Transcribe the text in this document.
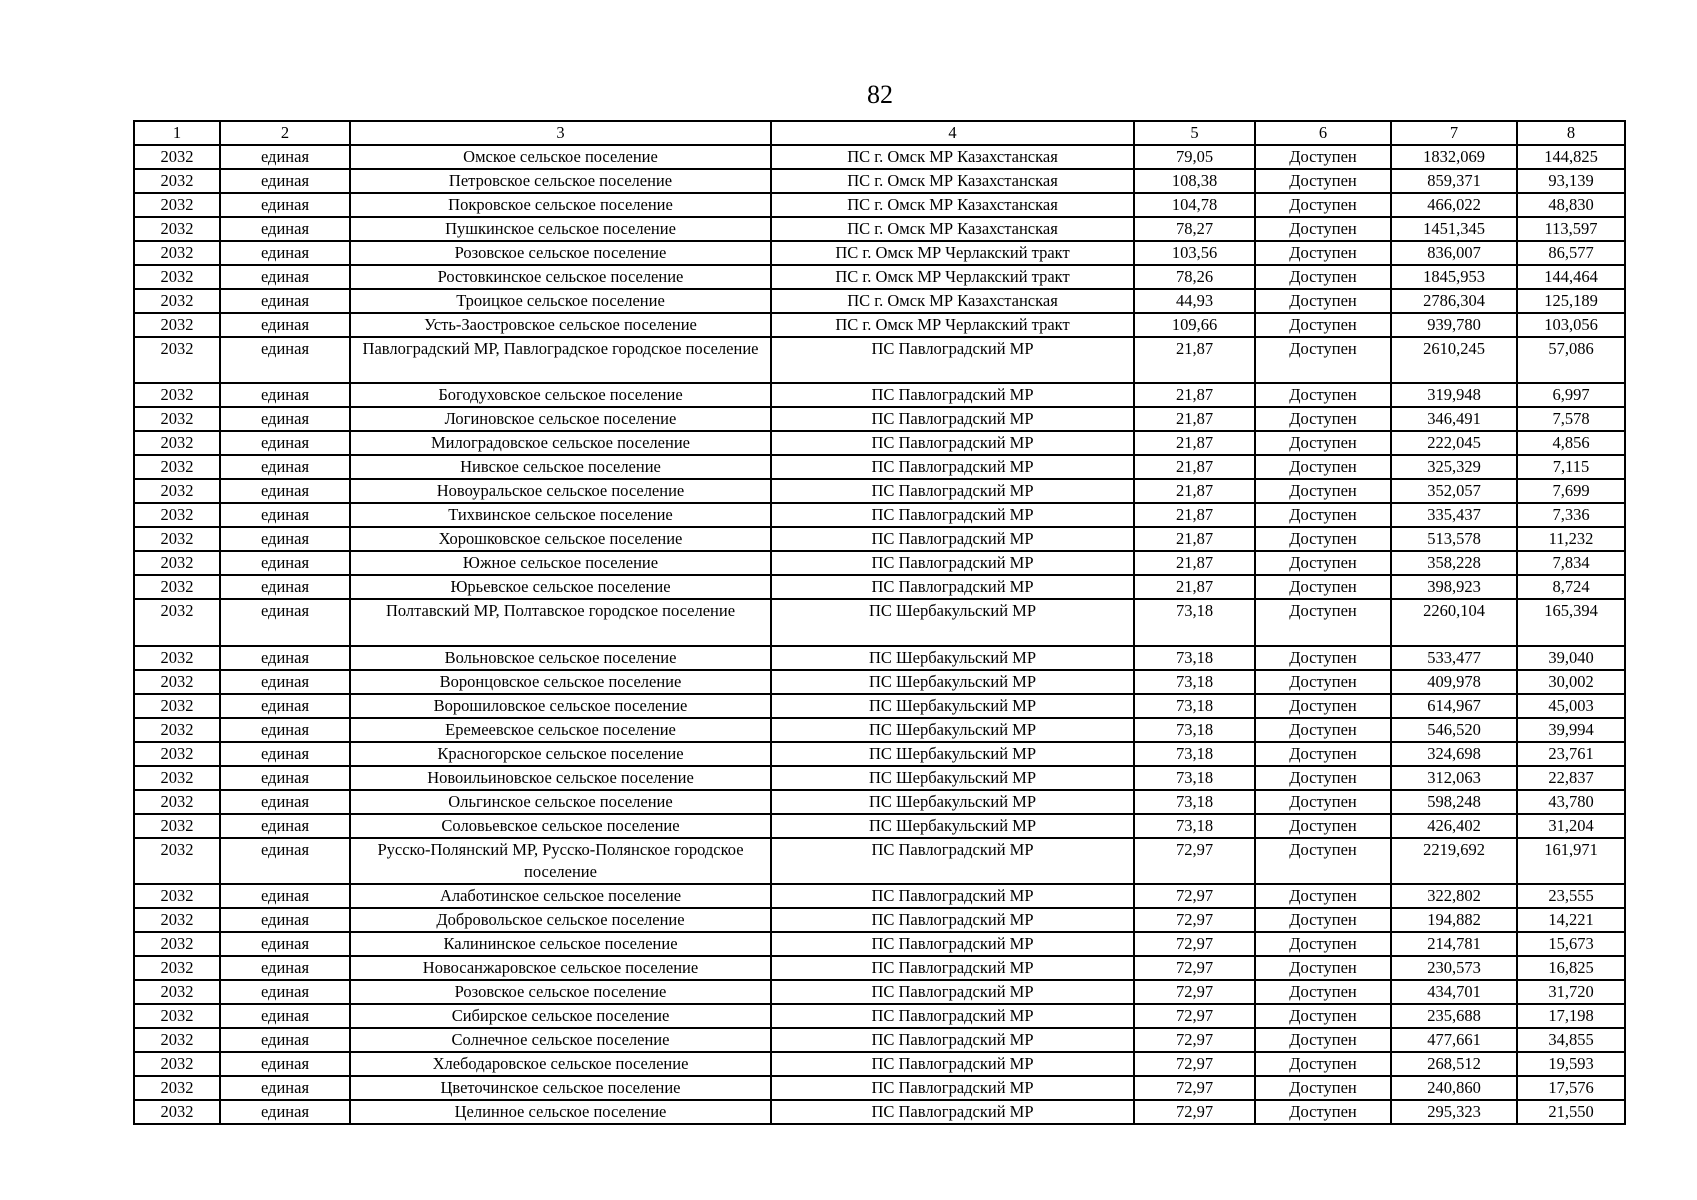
82
1	2	3	4	5	6	7	8
2032	единая	Омское сельское поселение	ПС г. Омск МР Казахстанская	79,05	Доступен	1832,069	144,825
2032	единая	Петровское сельское поселение	ПС г. Омск МР Казахстанская	108,38	Доступен	859,371	93,139
2032	единая	Покровское сельское поселение	ПС г. Омск МР Казахстанская	104,78	Доступен	466,022	48,830
2032	единая	Пушкинское сельское поселение	ПС г. Омск МР Казахстанская	78,27	Доступен	1451,345	113,597
2032	единая	Розовское сельское поселение	ПС г. Омск МР Черлакский тракт	103,56	Доступен	836,007	86,577
2032	единая	Ростовкинское сельское поселение	ПС г. Омск МР Черлакский тракт	78,26	Доступен	1845,953	144,464
2032	единая	Троицкое сельское поселение	ПС г. Омск МР Казахстанская	44,93	Доступен	2786,304	125,189
2032	единая	Усть-Заостровское сельское поселение	ПС г. Омск МР Черлакский тракт	109,66	Доступен	939,780	103,056
2032	единая	Павлоградский МР, Павлоградское городское поселение	ПС Павлоградский МР	21,87	Доступен	2610,245	57,086
2032	единая	Богодуховское сельское поселение	ПС Павлоградский МР	21,87	Доступен	319,948	6,997
2032	единая	Логиновское сельское поселение	ПС Павлоградский МР	21,87	Доступен	346,491	7,578
2032	единая	Милоградовское сельское поселение	ПС Павлоградский МР	21,87	Доступен	222,045	4,856
2032	единая	Нивское сельское поселение	ПС Павлоградский МР	21,87	Доступен	325,329	7,115
2032	единая	Новоуральское сельское поселение	ПС Павлоградский МР	21,87	Доступен	352,057	7,699
2032	единая	Тихвинское сельское поселение	ПС Павлоградский МР	21,87	Доступен	335,437	7,336
2032	единая	Хорошковское сельское поселение	ПС Павлоградский МР	21,87	Доступен	513,578	11,232
2032	единая	Южное сельское поселение	ПС Павлоградский МР	21,87	Доступен	358,228	7,834
2032	единая	Юрьевское сельское поселение	ПС Павлоградский МР	21,87	Доступен	398,923	8,724
2032	единая	Полтавский МР, Полтавское городское поселение	ПС Шербакульский МР	73,18	Доступен	2260,104	165,394
2032	единая	Вольновское сельское поселение	ПС Шербакульский МР	73,18	Доступен	533,477	39,040
2032	единая	Воронцовское сельское поселение	ПС Шербакульский МР	73,18	Доступен	409,978	30,002
2032	единая	Ворошиловское сельское поселение	ПС Шербакульский МР	73,18	Доступен	614,967	45,003
2032	единая	Еремеевское сельское поселение	ПС Шербакульский МР	73,18	Доступен	546,520	39,994
2032	единая	Красногорское сельское поселение	ПС Шербакульский МР	73,18	Доступен	324,698	23,761
2032	единая	Новоильиновское сельское поселение	ПС Шербакульский МР	73,18	Доступен	312,063	22,837
2032	единая	Ольгинское сельское поселение	ПС Шербакульский МР	73,18	Доступен	598,248	43,780
2032	единая	Соловьевское сельское поселение	ПС Шербакульский МР	73,18	Доступен	426,402	31,204
2032	единая	Русско-Полянский МР, Русско-Полянское городское поселение	ПС Павлоградский МР	72,97	Доступен	2219,692	161,971
2032	единая	Алаботинское сельское поселение	ПС Павлоградский МР	72,97	Доступен	322,802	23,555
2032	единая	Добровольское сельское поселение	ПС Павлоградский МР	72,97	Доступен	194,882	14,221
2032	единая	Калининское сельское поселение	ПС Павлоградский МР	72,97	Доступен	214,781	15,673
2032	единая	Новосанжаровское сельское поселение	ПС Павлоградский МР	72,97	Доступен	230,573	16,825
2032	единая	Розовское сельское поселение	ПС Павлоградский МР	72,97	Доступен	434,701	31,720
2032	единая	Сибирское сельское поселение	ПС Павлоградский МР	72,97	Доступен	235,688	17,198
2032	единая	Солнечное сельское поселение	ПС Павлоградский МР	72,97	Доступен	477,661	34,855
2032	единая	Хлебодаровское сельское поселение	ПС Павлоградский МР	72,97	Доступен	268,512	19,593
2032	единая	Цветочинское сельское поселение	ПС Павлоградский МР	72,97	Доступен	240,860	17,576
2032	единая	Целинное сельское поселение	ПС Павлоградский МР	72,97	Доступен	295,323	21,550
